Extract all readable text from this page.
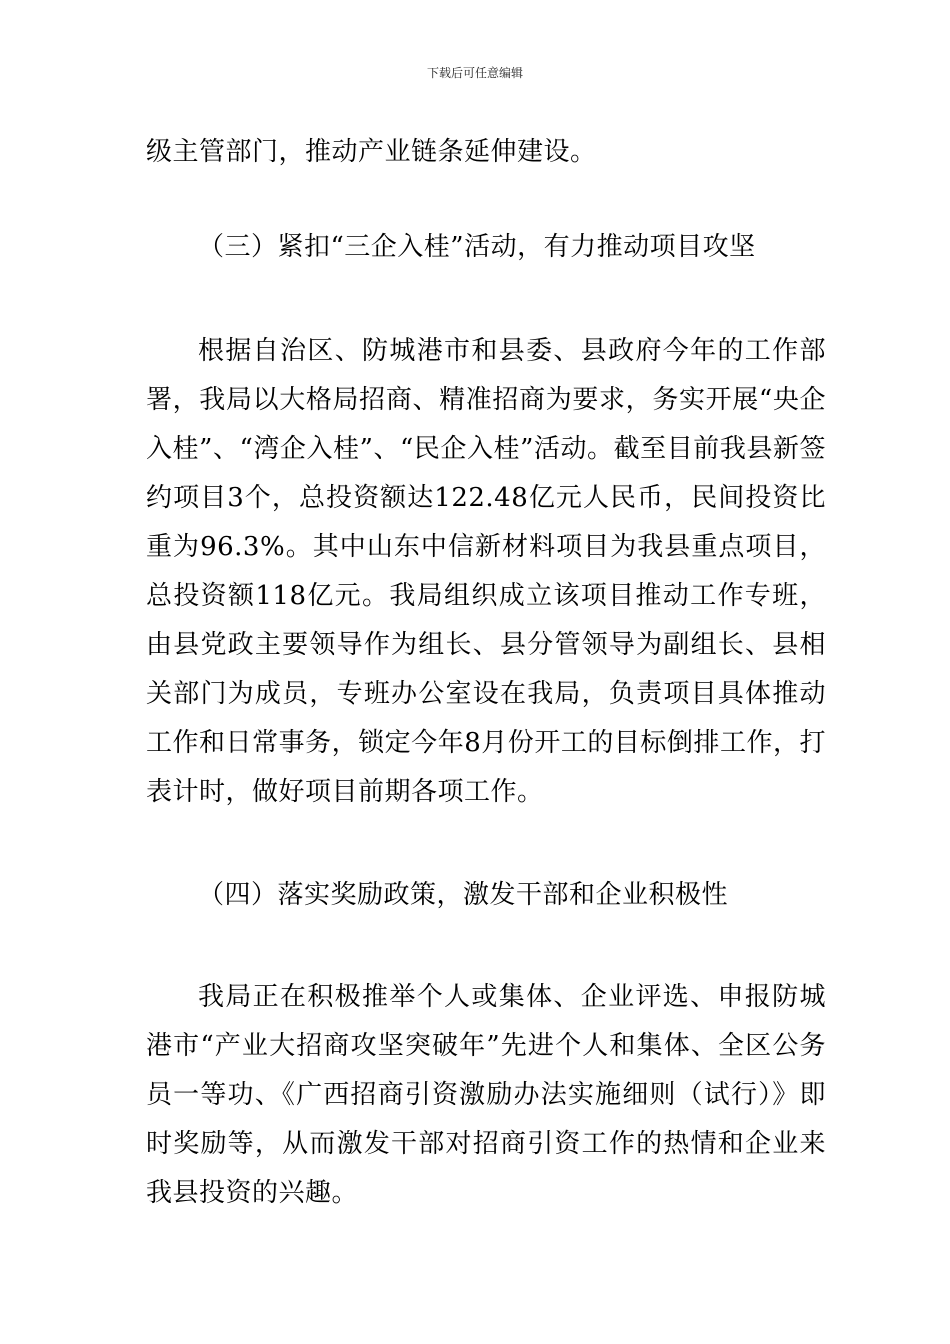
下载后可任意编辑

级主管部门，推动产业链条延伸建设。

（三）紧扣“三企入桂”活动，有力推动项目攻坚

根据自治区、防城港市和县委、县政府今年的工作部署，我局以大格局招商、精准招商为要求，务实开展“央企入桂”、“湾企入桂”、“民企入桂”活动。截至目前我县新签约项目3个，总投资额达122.48亿元人民币，民间投资比重为96.3%。其中山东中信新材料项目为我县重点项目，总投资额118亿元。我局组织成立该项目推动工作专班，由县党政主要领导作为组长、县分管领导为副组长、县相关部门为成员，专班办公室设在我局，负责项目具体推动工作和日常事务，锁定今年8月份开工的目标倒排工作，打表计时，做好项目前期各项工作。

（四）落实奖励政策，激发干部和企业积极性

我局正在积极推举个人或集体、企业评选、申报防城港市“产业大招商攻坚突破年”先进个人和集体、全区公务员一等功、《广西招商引资激励办法实施细则（试行）》即时奖励等，从而激发干部对招商引资工作的热情和企业来我县投资的兴趣。
